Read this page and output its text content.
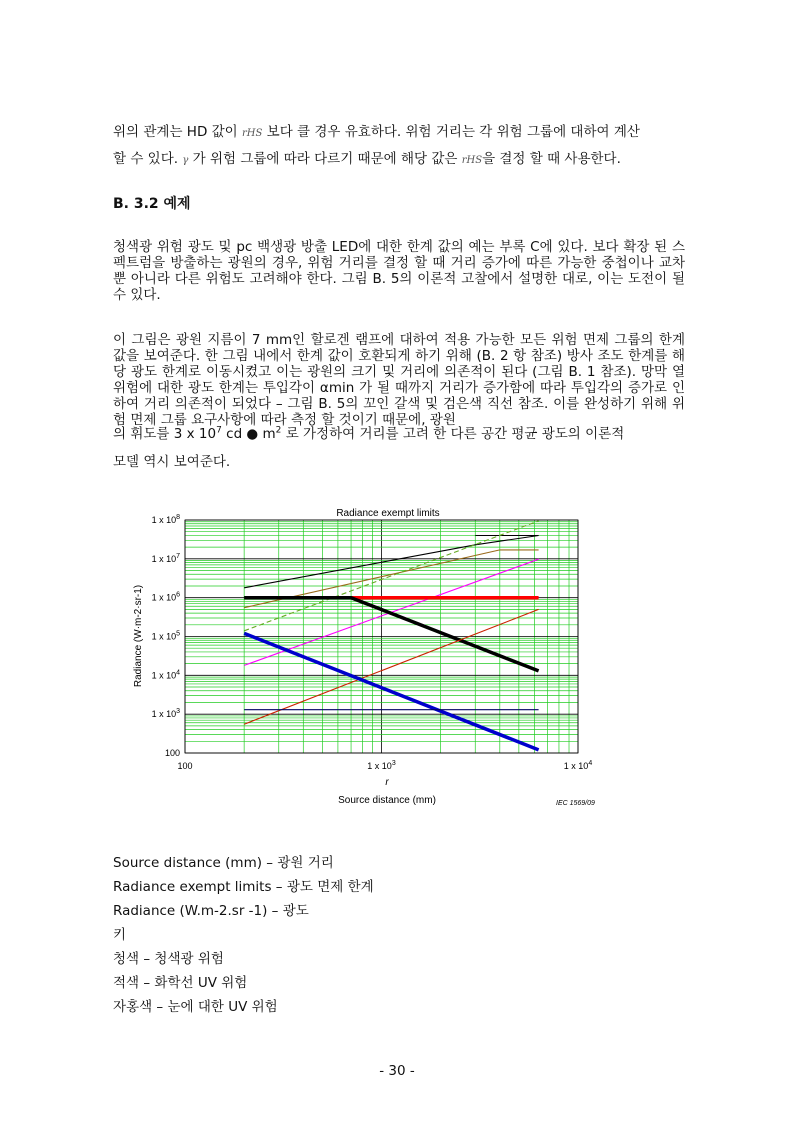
위의 관계는 HD 값이 rHS 보다 클 경우 유효하다. 위험 거리는 각 위험 그룹에 대하여 계산
할 수 있다. γ 가 위험 그룹에 따라 다르기 때문에 해당 값은 rHS을 결정 할 때 사용한다.
B. 3.2 예제
청색광 위험 광도 및 pc 백생광 방출 LED에 대한 한계 값의 예는 부록 C에 있다. 보다 확장 된 스펙트럼을 방출하는 광원의 경우, 위험 거리를 결정 할 때 거리 증가에 따른 가능한 중첩이나 교차뿐 아니라 다른 위험도 고려해야 한다. 그림 B. 5의 이론적 고찰에서 설명한 대로, 이는 도전이 될 수 있다.
이 그림은 광원 지름이 7 mm인 할로겐 램프에 대하여 적용 가능한 모든 위험 면제 그룹의 한계 값을 보여준다. 한 그림 내에서 한계 값이 호환되게 하기 위해 (B. 2 항 참조) 방사 조도 한계를 해당 광도 한계로 이동시켰고 이는 광원의 크기 및 거리에 의존적이 된다 (그림 B. 1 참조). 망막 열 위험에 대한 광도 한계는 투입각이 αmin 가 될 때까지 거리가 증가함에 따라 투입각의 증가로 인하여 거리 의존적이 되었다 – 그림 B. 5의 꼬인 갈색 및 검은색 직선 참조. 이를 완성하기 위해 위험 면제 그룹 요구사항에 따라 측정 할 것이기 때문에, 광원
의 휘도를 3 x $10^7$ cd ● $m^2$ 로 가정하여 거리를 고려 한 다른 공간 평균 광도의 이론적
모델 역시 보여준다.
100	1 x $10^3$	1 x $10^4$
100
1 x $10^3$
1 x $10^4$
1 x $10^5$
1 x $10^6$
1 x $10^7$
1 x $10^8$	Radiance exempt limits
r
Source distance (mm)
Radiance (W·m-2·sr-1)
IEC 1569/09
Source distance (mm) – 광원 거리
Radiance exempt limits – 광도 면제 한계
Radiance (W.m-2.sr -1) – 광도
키
청색 – 청색광 위험
적색 – 화학선 UV 위험
자홍색 – 눈에 대한 UV 위험
- 30 -
